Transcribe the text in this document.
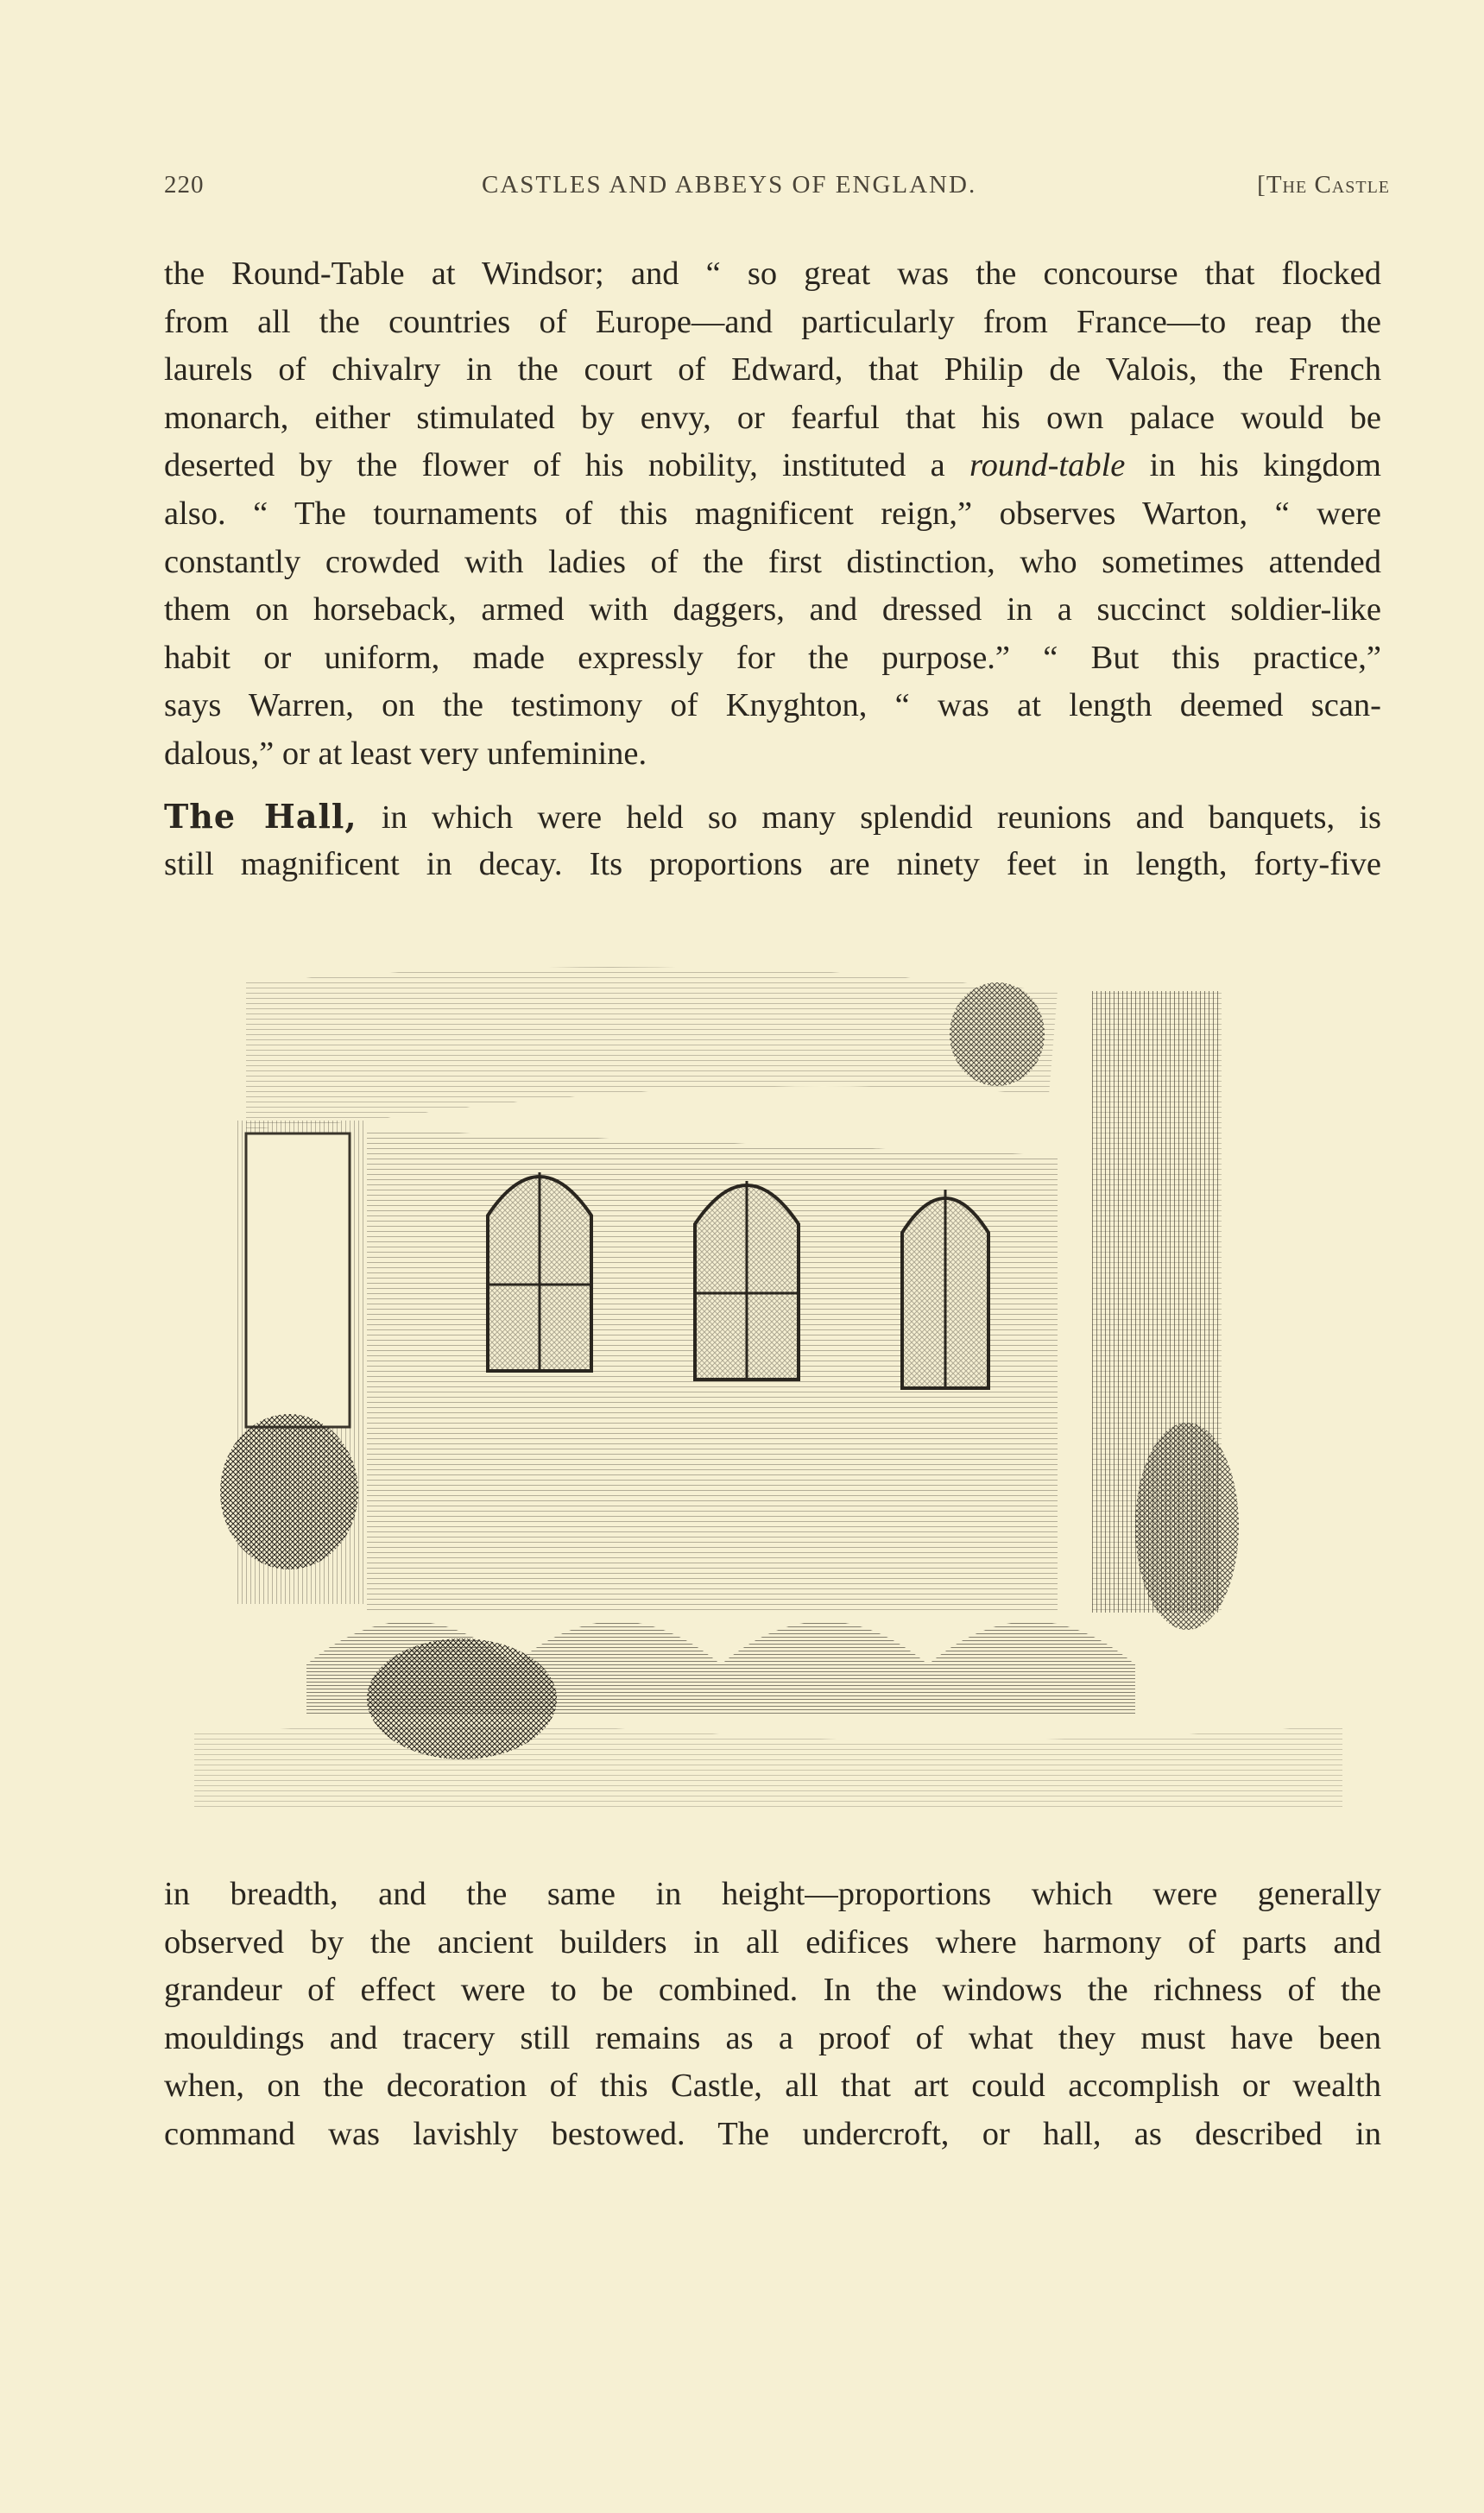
220	CASTLES AND ABBEYS OF ENGLAND.	[The Castle
the Round-Table at Windsor; and “ so great was the concourse that flocked
from all the countries of Europe—and particularly from France—to reap the
laurels of chivalry in the court of Edward, that Philip de Valois, the French
monarch, either stimulated by envy, or fearful that his own palace would be
deserted by the flower of his nobility, instituted a round-table in his kingdom
also. “ The tournaments of this magnificent reign,” observes Warton, “ were
constantly crowded with ladies of the first distinction, who sometimes attended
them on horseback, armed with daggers, and dressed in a succinct soldier-like
habit or uniform, made expressly for the purpose.” “ But this practice,”
says Warren, on the testimony of Knyghton, “ was at length deemed scan-
dalous,” or at least very unfeminine.
The Hall, in which were held so many splendid reunions and banquets, is
still magnificent in decay. Its proportions are ninety feet in length, forty-five
in breadth, and the same in height—proportions which were generally
observed by the ancient builders in all edifices where harmony of parts and
grandeur of effect were to be combined. In the windows the richness of the
mouldings and tracery still remains as a proof of what they must have been
when, on the decoration of this Castle, all that art could accomplish or wealth
command was lavishly bestowed. The undercroft, or hall, as described in
